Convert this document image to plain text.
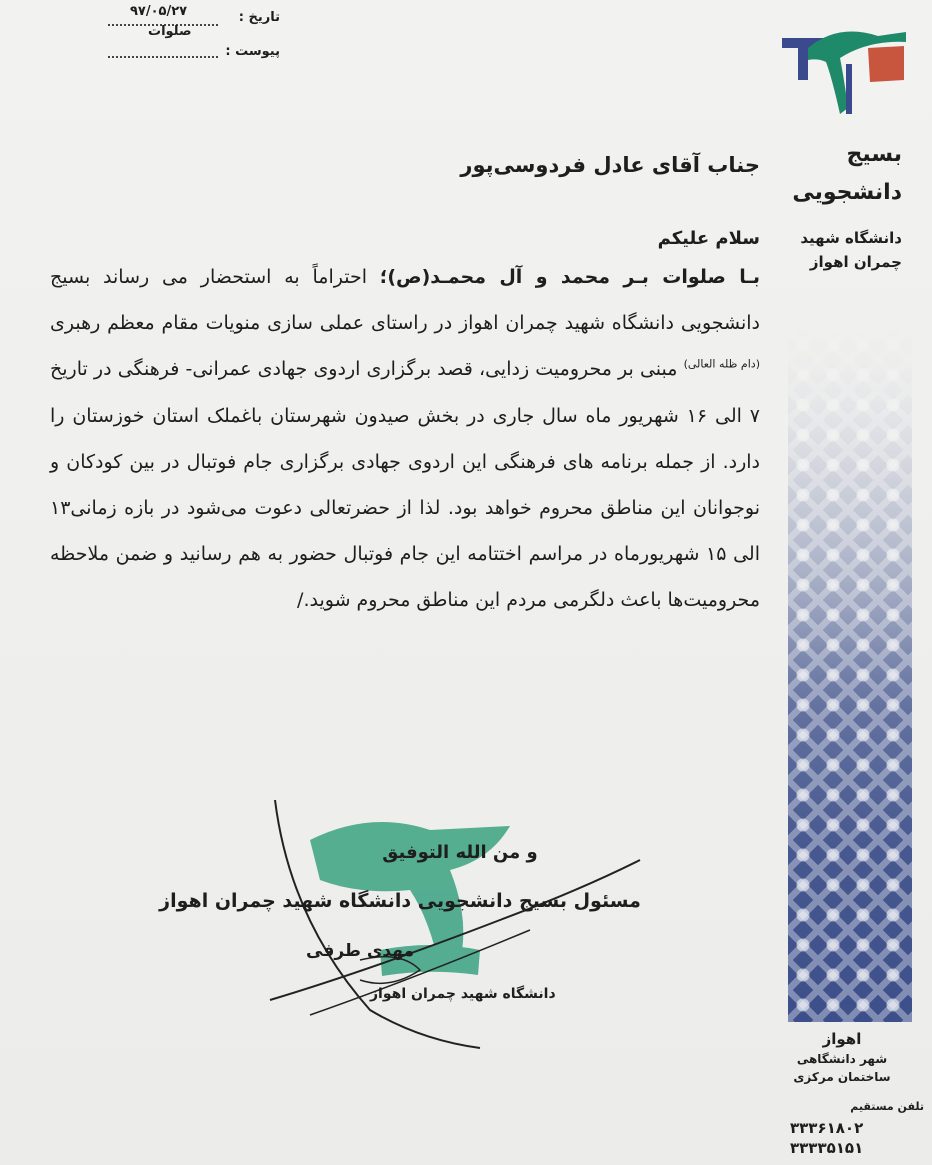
تاریخ :
۹۷/۰۵/۲۷
صلوات
پیوست :
بسیج
دانشجویی
دانشگاه شهید
چمران اهواز
اهواز
شهر دانشگاهی
ساختمان مرکزی
تلفن مستقیم
۳۳۳۶۱۸۰۲
۳۳۳۳۵۱۵۱
جناب آقای عادل فردوسی‌پور
سلام علیکم

بـا صلوات بـر محمد و آل محمـد(ص)؛ احتراماً به استحضار می رساند بسیج دانشجویی دانشگاه شهید چمران اهواز در راستای عملی سازی منویات مقام معظم رهبری $^{(دام ظله العالی)}$ مبنی بر محرومیت زدایی، قصد برگزاری اردوی جهادی عمرانی- فرهنگی در تاریخ ۷ الی ۱۶ شهریور ماه سال جاری در بخش صیدون شهرستان باغملک استان خوزستان را دارد. از جمله برنامه های فرهنگی این اردوی جهادی برگزاری جام فوتبال در بین کودکان و نوجوانان این مناطق محروم خواهد بود. لذا از حضرتعالی دعوت می‌شود در بازه زمانی۱۳ الی ۱۵ شهریورماه در مراسم اختتامه این جام فوتبال حضور به هم رسانید و ضمن ملاحظه محرومیت‌ها باعث دلگرمی مردم این مناطق محروم شوید./

و من الله التوفیق
مسئول بسیج دانشجویی دانشگاه شهید چمران اهواز
مهدی طرفی
دانشگاه شهید چمران اهواز
